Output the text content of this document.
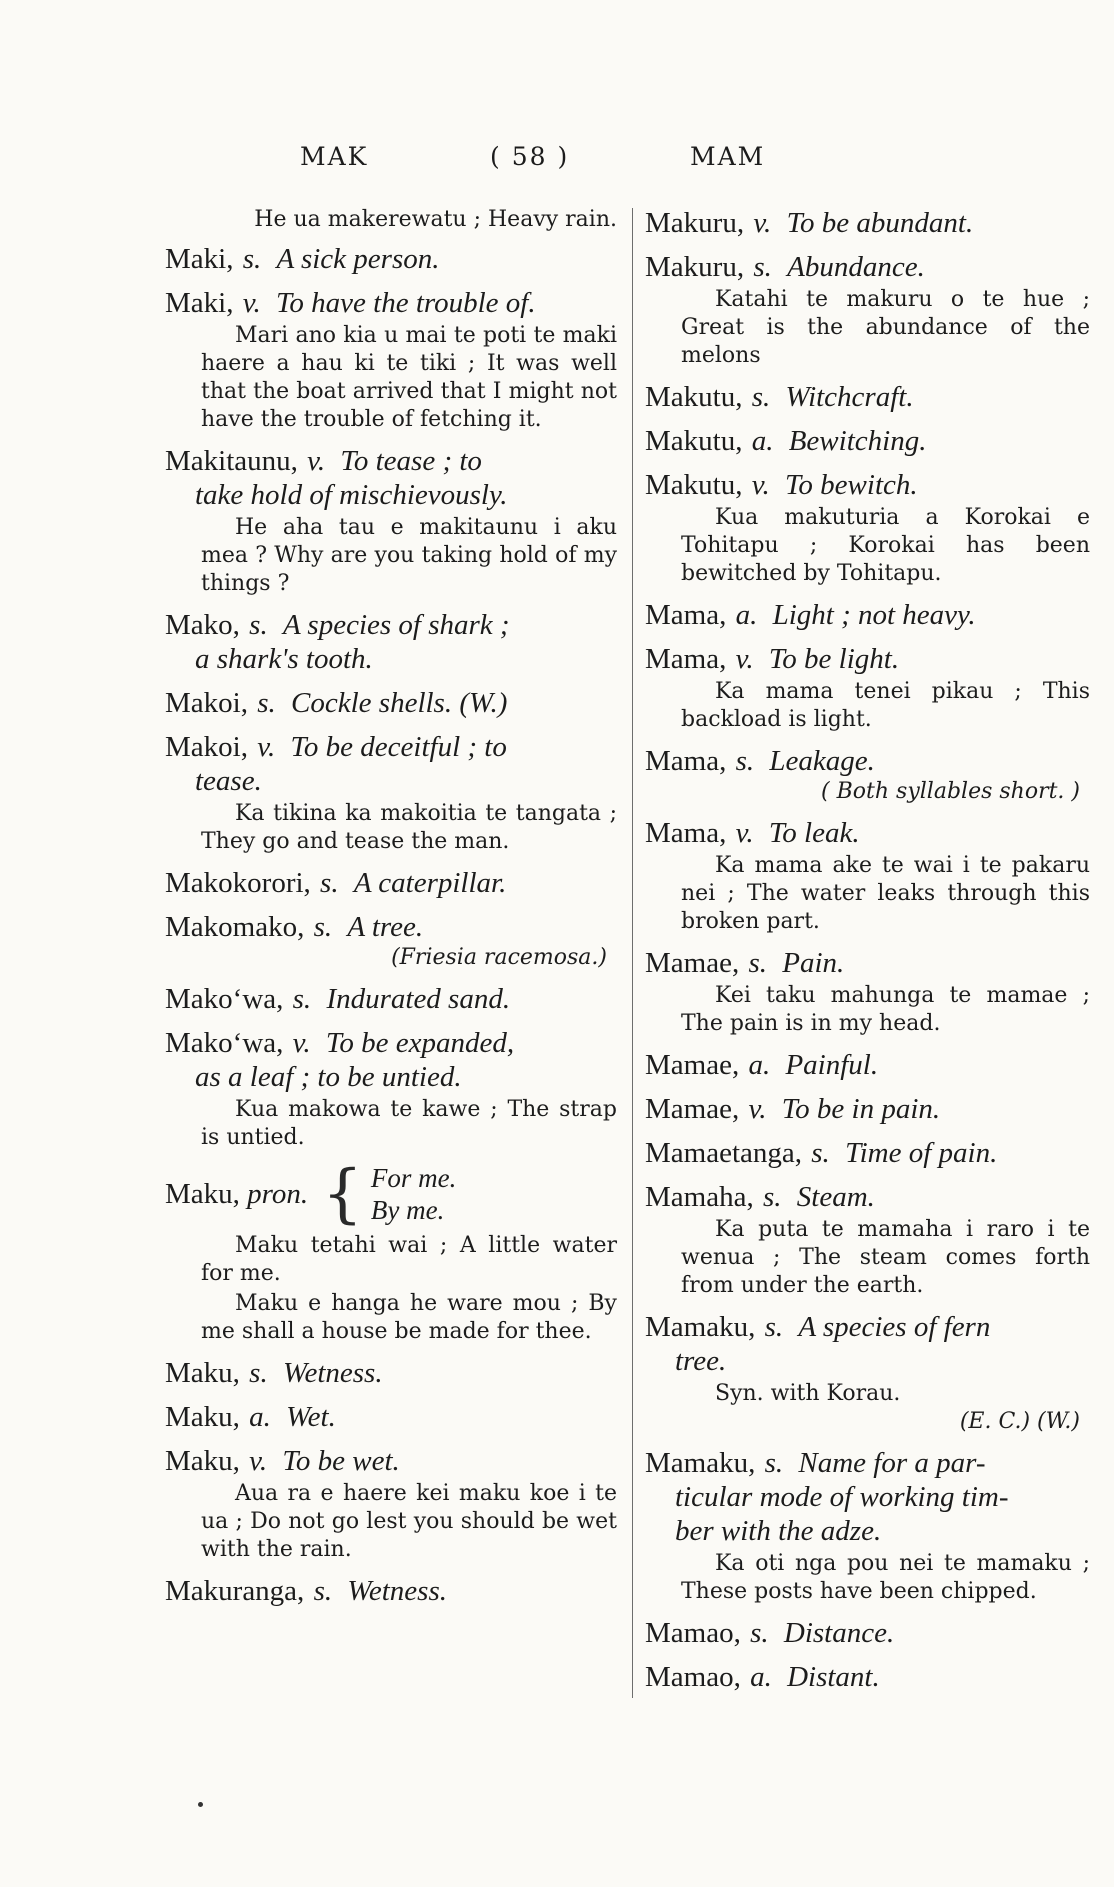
MAK	( 58 )	MAM
He ua makerewatu ; Heavy rain.
Maki, s. A sick person.
Maki, v. To have the trouble of.
Mari ano kia u mai te poti te maki haere a hau ki te tiki ; It was well that the boat arrived that I might not have the trouble of fetching it.
Makitaunu, v. To tease ; to
take hold of mischievously.
He aha tau e makitaunu i aku mea ? Why are you taking hold of my things ?
Mako, s. A species of shark ;
a shark's tooth.
Makoi, s. Cockle shells. (W.)
Makoi, v. To be deceitful ; to
tease.
Ka tikina ka makoitia te tangata ; They go and tease the man.
Makokorori, s. A caterpillar.
Makomako, s. A tree.
(Friesia racemosa.)
Makoʻwa, s. Indurated sand.
Makoʻwa, v. To be expanded,
as a leaf ; to be untied.
Kua makowa te kawe ; The strap is untied.
Maku, pron. { For me.
By me.
Maku tetahi wai ; A little water for me.
Maku e hanga he ware mou ; By me shall a house be made for thee.
Maku, s. Wetness.
Maku, a. Wet.
Maku, v. To be wet.
Aua ra e haere kei maku koe i te ua ; Do not go lest you should be wet with the rain.
Makuranga, s. Wetness.
Makuru, v. To be abundant.
Makuru, s. Abundance.
Katahi te makuru o te hue ; Great is the abundance of the melons
Makutu, s. Witchcraft.
Makutu, a. Bewitching.
Makutu, v. To bewitch.
Kua makuturia a Korokai e Tohitapu ; Korokai has been bewitched by Tohitapu.
Mama, a. Light ; not heavy.
Mama, v. To be light.
Ka mama tenei pikau ; This backload is light.
Mama, s. Leakage.
( Both syllables short. )
Mama, v. To leak.
Ka mama ake te wai i te pakaru nei ; The water leaks through this broken part.
Mamae, s. Pain.
Kei taku mahunga te mamae ; The pain is in my head.
Mamae, a. Painful.
Mamae, v. To be in pain.
Mamaetanga, s. Time of pain.
Mamaha, s. Steam.
Ka puta te mamaha i raro i te wenua ; The steam comes forth from under the earth.
Mamaku, s. A species of fern
tree.
Syn. with Korau.
(E. C.) (W.)
Mamaku, s. Name for a par-
ticular mode of working tim-
ber with the adze.
Ka oti nga pou nei te mamaku ; These posts have been chipped.
Mamao, s. Distance.
Mamao, a. Distant.
